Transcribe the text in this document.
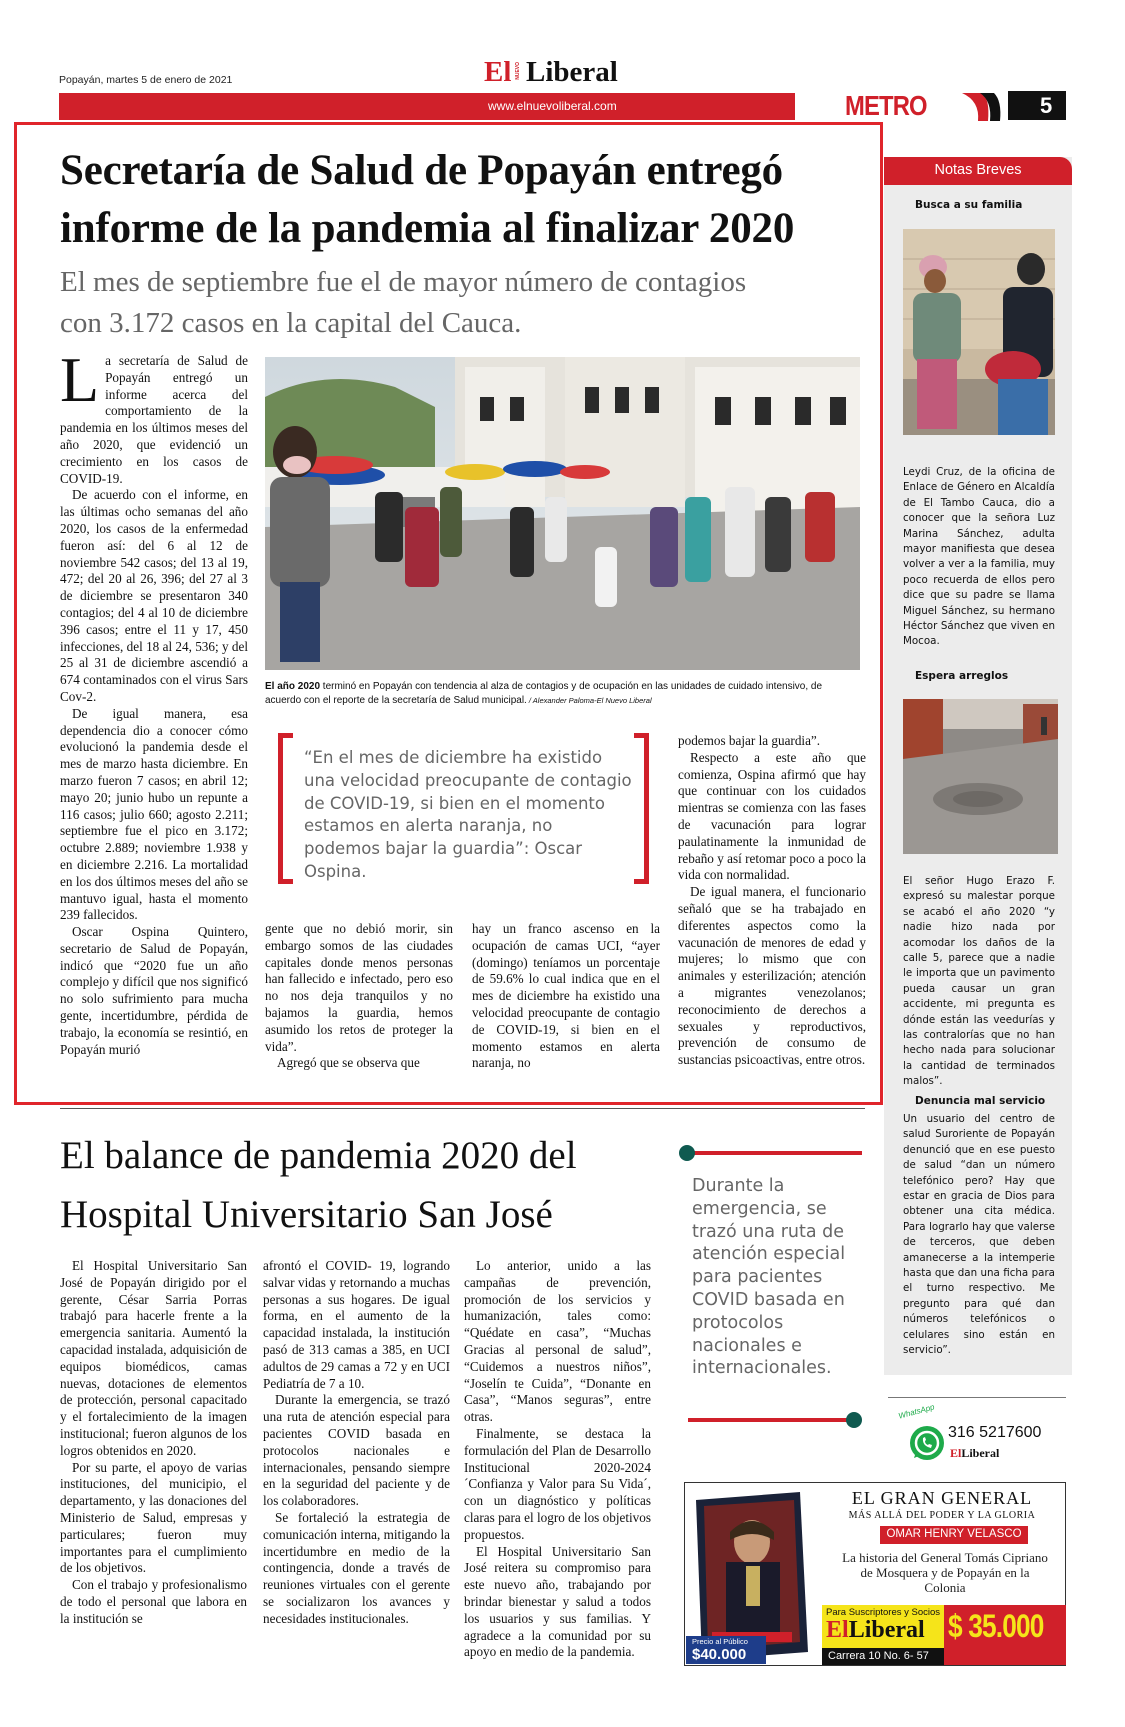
Popayán, martes 5 de enero de 2021	El NUEVO Liberal
www.elnuevoliberal.com	METRO	5
Secretaría de Salud de Popayán entregó informe de la pandemia al finalizar 2020
El mes de septiembre fue el de mayor número de contagios con 3.172 casos en la capital del Cauca.

La secretaría de Salud de Popayán entregó un informe acerca del comportamiento de la pandemia en los últimos meses del año 2020, que evidenció un crecimiento en los casos de COVID-19.

De acuerdo con el informe, en las últimas ocho semanas del año 2020, los casos de la enfermedad fueron así: del 6 al 12 de noviembre 542 casos; del 13 al 19, 472; del 20 al 26, 396; del 27 al 3 de diciembre se presentaron 340 contagios; del 4 al 10 de diciembre 396 casos; entre el 11 y 17, 450 infecciones, del 18 al 24, 536; y del 25 al 31 de diciembre ascendió a 674 contaminados con el virus Sars Cov-2.

De igual manera, esa dependencia dio a conocer cómo evolucionó la pandemia desde el mes de marzo hasta diciembre. En marzo fueron 7 casos; en abril 12; mayo 20; junio hubo un repunte a 116 casos; julio 660; agosto 2.211; septiembre fue el pico en 3.172; octubre 2.889; noviembre 1.938 y en diciembre 2.216. La mortalidad en los dos últimos meses del año se mantuvo igual, hasta el momento 239 fallecidos.

Oscar Ospina Quintero, secretario de Salud de Popayán, indicó que “2020 fue un año complejo y difícil que nos significó no solo sufrimiento para mucha gente, incertidumbre, pérdida de trabajo, la economía se resintió, en Popayán murió

El año 2020 terminó en Popayán con tendencia al alza de contagios y de ocupación en las unidades de cuidado intensivo, de acuerdo con el reporte de la secretaría de Salud municipal. / Alexander Paloma-El Nuevo Liberal
“En el mes de diciembre ha existido una velocidad preocupante de contagio de COVID-19, si bien en el momento estamos en alerta naranja, no podemos bajar la guardia”: Oscar Ospina.

gente que no debió morir, sin embargo somos de las ciudades capitales donde menos personas han fallecido e infectado, pero eso no nos deja tranquilos y no bajamos la guardia, hemos asumido los retos de proteger la vida”.

Agregó que se observa que

hay un franco ascenso en la ocupación de camas UCI, “ayer (domingo) teníamos un porcentaje de 59.6% lo cual indica que en el mes de diciembre ha existido una velocidad preocupante de contagio de COVID-19, si bien en el momento estamos en alerta naranja, no

podemos bajar la guardia”.

Respecto a este año que comienza, Ospina afirmó que hay que continuar con los cuidados mientras se comienza con las fases de vacunación para lograr paulatinamente la inmunidad de rebaño y así retomar poco a poco la vida con normalidad.

De igual manera, el funcionario señaló que se ha trabajado en diferentes aspectos como la vacunación de menores de edad y mujeres; lo mismo que con animales y esterilización; atención a migrantes venezolanos; reconocimiento de derechos a sexuales y reproductivos, prevención de consumo de sustancias psicoactivas, entre otros.

Notas Breves
Busca a su familia
Leydi Cruz, de la oficina de Enlace de Género en Alcaldía de El Tambo Cauca, dio a conocer que la señora Luz Marina Sánchez, adulta mayor manifiesta que desea volver a ver a la familia, muy poco recuerda de ellos pero dice que su padre se llama Miguel Sánchez, su hermano Héctor Sánchez que viven en Mocoa.
Espera arreglos
El señor Hugo Erazo F. expresó su malestar porque se acabó el año 2020 “y nadie hizo nada por acomodar los daños de la calle 5, parece que a nadie le importa que un pavimento pueda causar un gran accidente, mi pregunta es dónde están las veedurías y las contralorías que no han hecho nada para solucionar la cantidad de terminados malos”.
Denuncia mal servicio
Un usuario del centro de salud Suroriente de Popayán denunció que en ese puesto de salud “dan un número telefónico pero? Hay que estar en gracia de Dios para obtener una cita médica. Para lograrlo hay que valerse de terceros, que deben amanecerse a la intemperie hasta que dan una ficha para el turno respectivo. Me pregunto para qué dan números telefónicos o celulares sino están en servicio”.
WhatsApp
316 5217600
ElLiberal
El balance de pandemia 2020 del Hospital Universitario San José
Durante la emergencia, se trazó una ruta de atención especial para pacientes COVID basada en protocolos nacionales e internacionales.

El Hospital Universitario San José de Popayán dirigido por el gerente, César Sarria Porras trabajó para hacerle frente a la emergencia sanitaria. Aumentó la capacidad instalada, adquisición de equipos biomédicos, camas nuevas, dotaciones de elementos de protección, personal capacitado y el fortalecimiento de la imagen institucional; fueron algunos de los logros obtenidos en 2020.

Por su parte, el apoyo de varias instituciones, del municipio, el departamento, y las donaciones del Ministerio de Salud, empresas y particulares; fueron muy importantes para el cumplimiento de los objetivos.

Con el trabajo y profesionalismo de todo el personal que labora en la institución se

afrontó el COVID- 19, logrando salvar vidas y retornando a muchas personas a sus hogares. De igual forma, en el aumento de la capacidad instalada, la institución pasó de 313 camas a 385, en UCI adultos de 29 camas a 72 y en UCI Pediatría de 7 a 10.

Durante la emergencia, se trazó una ruta de atención especial para pacientes COVID basada en protocolos nacionales e internacionales, pensando siempre en la seguridad del paciente y de los colaboradores.

Se fortaleció la estrategia de comunicación interna, mitigando la incertidumbre en medio de la contingencia, donde a través de reuniones virtuales con el gerente se socializaron los avances y necesidades institucionales.

Lo anterior, unido a las campañas de prevención, promoción de los servicios y humanización, tales como: “Quédate en casa”, “Muchas Gracias al personal de salud”, “Cuidemos a nuestros niños”, “Joselín te Cuida”, “Donante en Casa”, “Manos seguras”, entre otras.

Finalmente, se destaca la formulación del Plan de Desarrollo Institucional 2020-2024 ´Confianza y Valor para Su Vida´, con un diagnóstico y políticas claras para el logro de los objetivos propuestos.

El Hospital Universitario San José reitera su compromiso para este nuevo año, trabajando por brindar bienestar y salud a todos los usuarios y sus familias. Y agradece a la comunidad por su apoyo en medio de la pandemia.

EL GRAN GENERAL
MÁS ALLÁ DEL PODER Y LA GLORIA
OMAR HENRY VELASCO
La historia del General Tomás Cipriano de Mosquera y de Popayán en la Colonia
Precio al Público
$40.000
Para Suscriptores y Socios
ElLiberal
Carrera 10 No. 6- 57
$ 35.000
